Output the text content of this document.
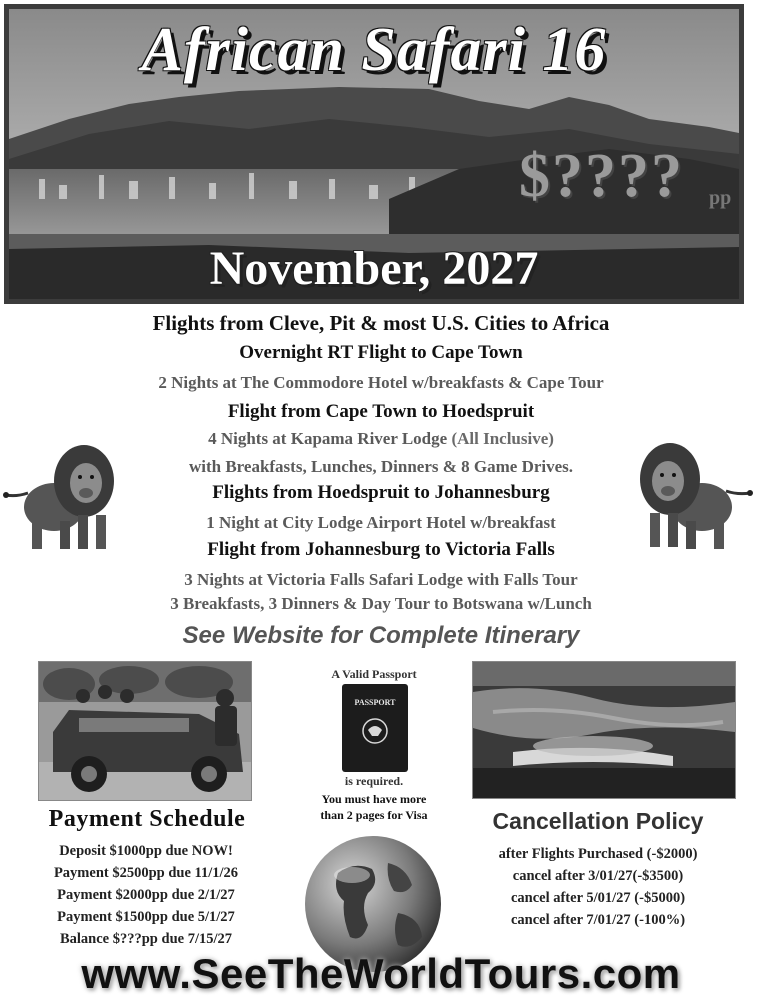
African Safari 16
$???? pp
November, 2027
Flights from Cleve, Pit & most U.S. Cities to Africa
Overnight RT Flight to Cape Town
2 Nights at The Commodore Hotel w/breakfasts & Cape Tour
Flight from Cape Town to Hoedspruit
4 Nights at Kapama River Lodge (All Inclusive)
with Breakfasts, Lunches, Dinners & 8 Game Drives.
Flights from Hoedspruit to Johannesburg
1 Night at City Lodge Airport Hotel w/breakfast
Flight from Johannesburg to Victoria Falls
3 Nights at Victoria Falls Safari Lodge with Falls Tour
3 Breakfasts, 3 Dinners & Day Tour to Botswana w/Lunch
See Website for Complete Itinerary
A Valid Passport
PASSPORT
is required.
You must have more
than 2 pages for Visa
Payment Schedule
Deposit $1000pp due NOW!
Payment $2500pp due 11/1/26
Payment $2000pp due 2/1/27
Payment $1500pp due 5/1/27
Balance $???pp due 7/15/27
Cancellation Policy
after Flights Purchased (-$2000)
cancel after 3/01/27(-$3500)
cancel after 5/01/27 (-$5000)
cancel after 7/01/27 (-100%)
www.SeeTheWorldTours.com
